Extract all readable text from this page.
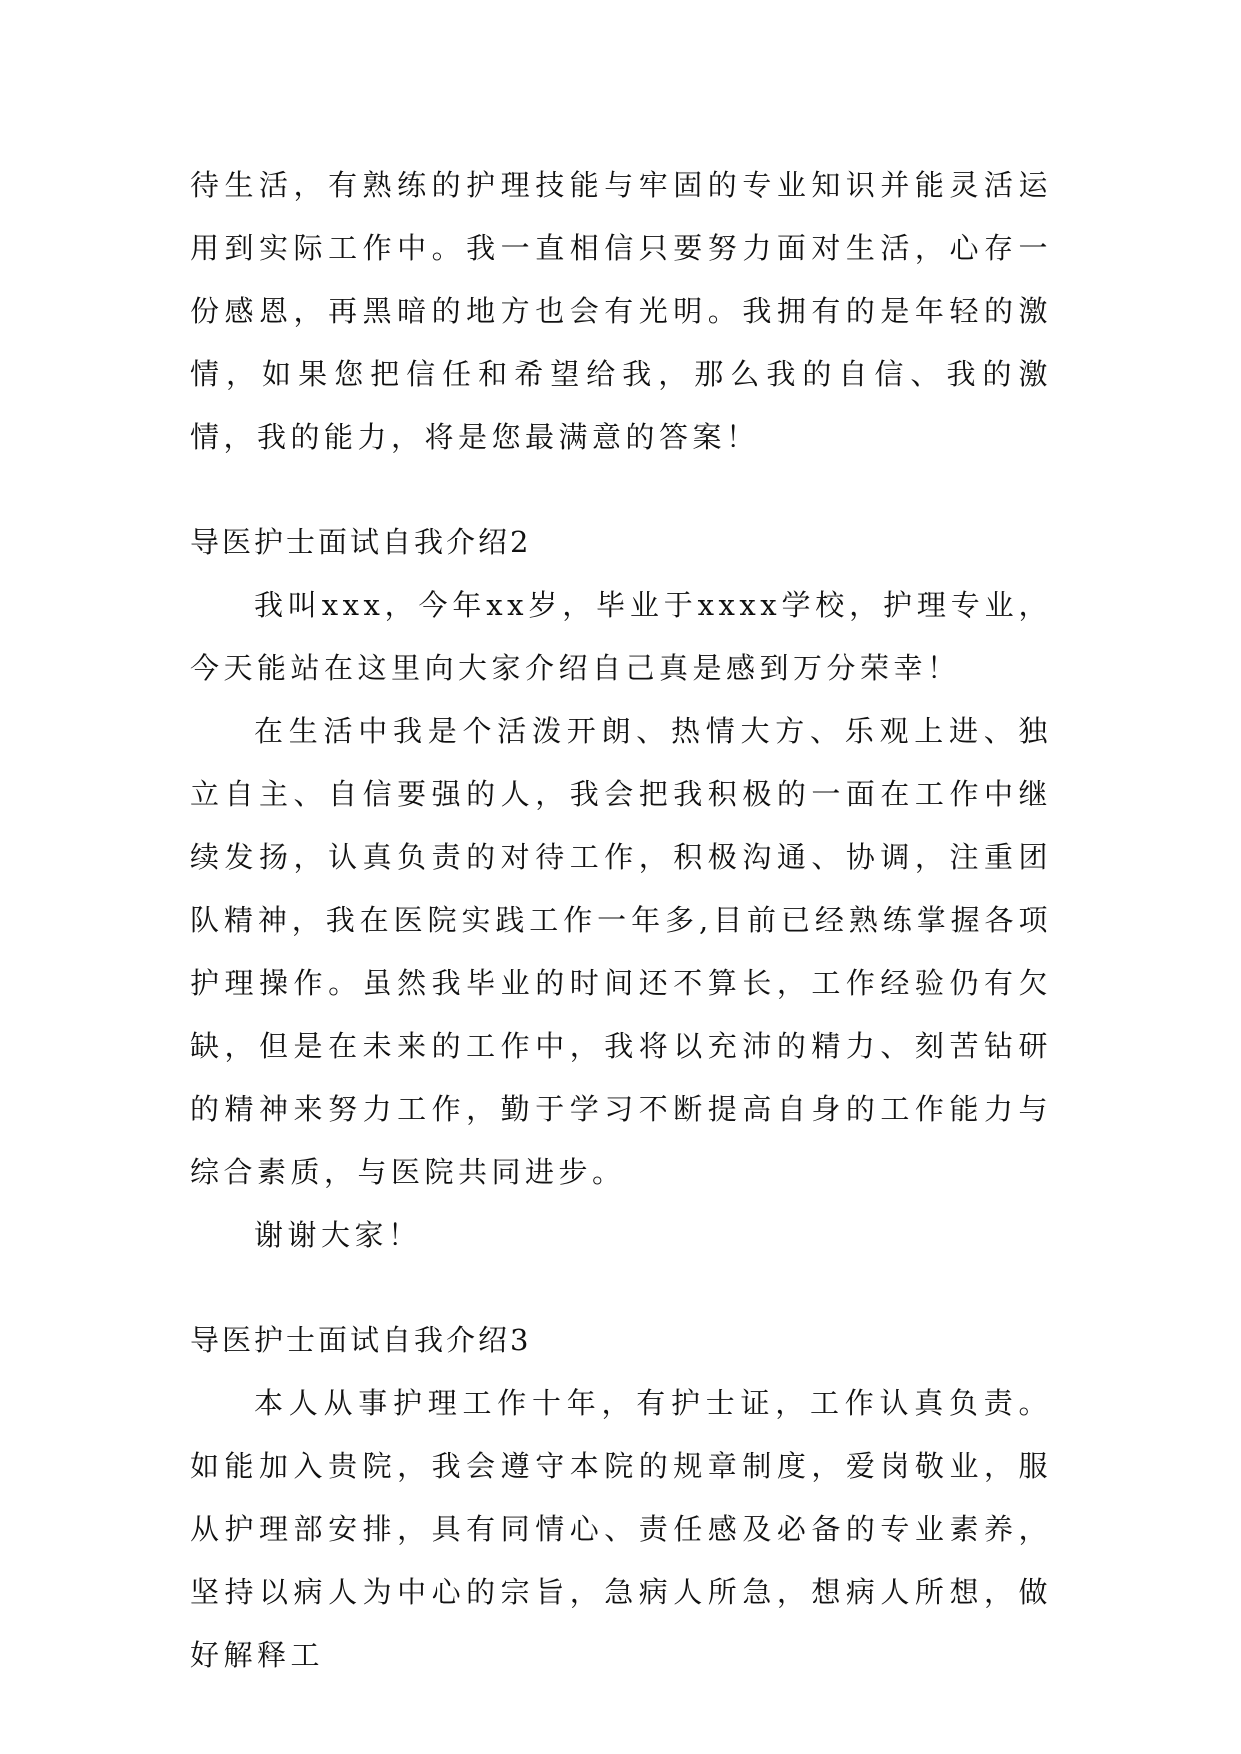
待生活，有熟练的护理技能与牢固的专业知识并能灵活运用到实际工作中。我一直相信只要努力面对生活，心存一份感恩，再黑暗的地方也会有光明。我拥有的是年轻的激情，如果您把信任和希望给我，那么我的自信、我的激情，我的能力，将是您最满意的答案！

导医护士面试自我介绍2

我叫xxx，今年xx岁，毕业于xxxx学校，护理专业，今天能站在这里向大家介绍自己真是感到万分荣幸！

在生活中我是个活泼开朗、热情大方、乐观上进、独立自主、自信要强的人，我会把我积极的一面在工作中继续发扬，认真负责的对待工作，积极沟通、协调，注重团队精神，我在医院实践工作一年多,目前已经熟练掌握各项护理操作。虽然我毕业的时间还不算长，工作经验仍有欠缺，但是在未来的工作中，我将以充沛的精力、刻苦钻研的精神来努力工作，勤于学习不断提高自身的工作能力与综合素质，与医院共同进步。

谢谢大家！

导医护士面试自我介绍3

本人从事护理工作十年，有护士证，工作认真负责。如能加入贵院，我会遵守本院的规章制度，爱岗敬业，服从护理部安排，具有同情心、责任感及必备的专业素养，坚持以病人为中心的宗旨，急病人所急，想病人所想，做好解释工
